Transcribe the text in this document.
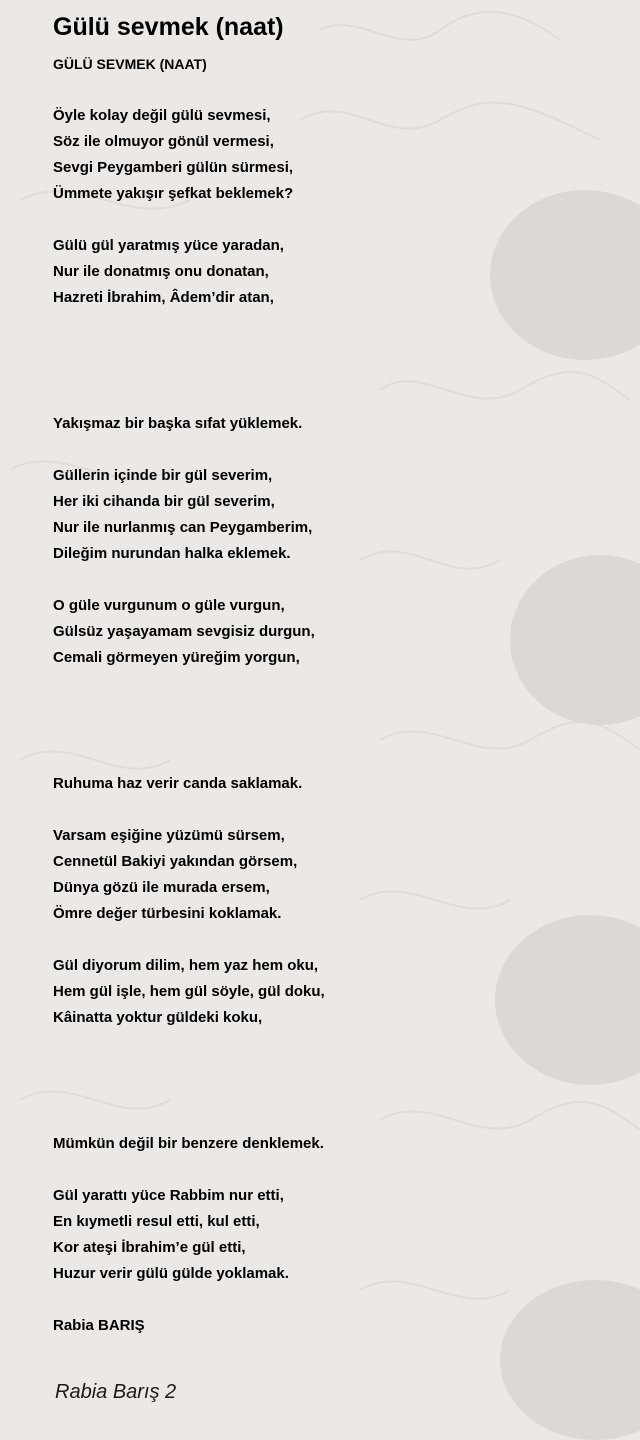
Gülü sevmek (naat)
GÜLÜ SEVMEK (NAAT)
Öyle kolay değil gülü sevmesi,
Söz ile olmuyor gönül vermesi,
Sevgi Peygamberi gülün sürmesi,
Ümmete yakışır şefkat beklemek?
Gülü gül yaratmış yüce yaradan,
Nur ile donatmış onu donatan,
Hazreti İbrahim, Âdem’dir atan,
Yakışmaz bir başka sıfat yüklemek.
Güllerin içinde bir gül severim,
Her iki cihanda bir gül severim,
Nur ile nurlanmış can Peygamberim,
Dileğim nurundan halka eklemek.
O güle vurgunum o güle vurgun,
Gülsüz yaşayamam sevgisiz durgun,
Cemali görmeyen yüreğim yorgun,
Ruhuma haz verir canda saklamak.
Varsam eşiğine yüzümü sürsem,
Cennetül Bakiyi yakından görsem,
Dünya gözü ile murada ersem,
Ömre değer türbesini koklamak.
Gül diyorum dilim, hem yaz hem oku,
Hem gül işle, hem gül söyle, gül doku,
Kâinatta yoktur güldeki koku,
Mümkün değil bir benzere denklemek.
Gül yarattı yüce Rabbim nur etti,
En kıymetli resul etti, kul etti,
Kor ateşi İbrahim’e gül etti,
Huzur verir gülü gülde yoklamak.
Rabia BARIŞ
Rabia Barış 2
